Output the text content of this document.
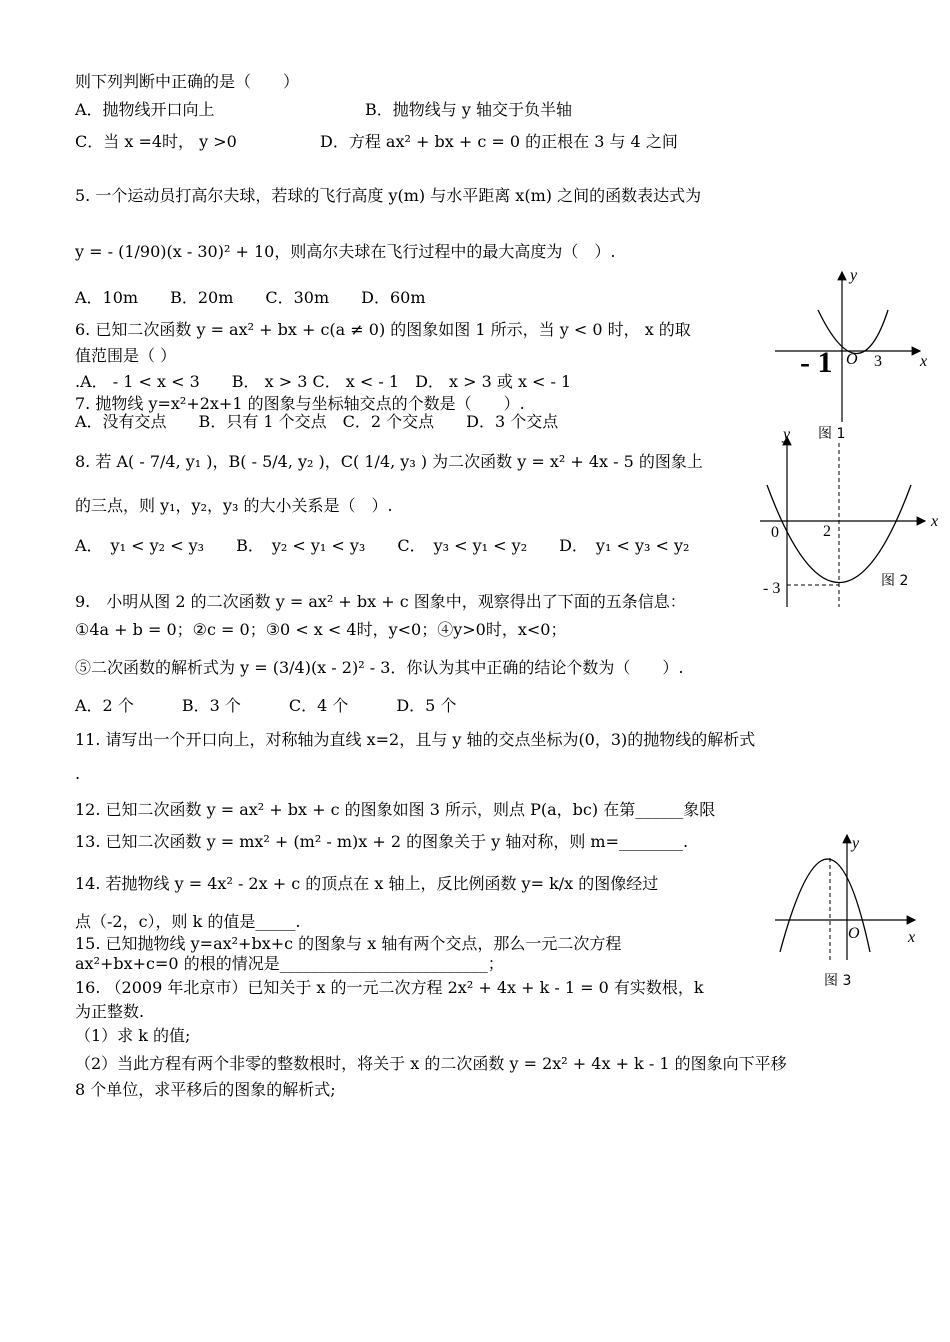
则下列判断中正确的是（　　）
A．抛物线开口向上	B．抛物线与 y 轴交于负半轴
C．当 x =4时， y >0	D．方程 ax² + bx + c = 0 的正根在 3 与 4 之间
5. 一个运动员打高尔夫球，若球的飞行高度 y(m) 与水平距离 x(m) 之间的函数表达式为
y = - (1/90)(x - 30)² + 10，则高尔夫球在飞行过程中的最大高度为（　）.
A．10m　　B．20m　　C．30m　　D．60m
6. 已知二次函数 y = ax² + bx + c(a ≠ 0) 的图象如图 1 所示，当 y < 0 时， x 的取
值范围是（ ）
.A． - 1 < x < 3　　B． x > 3 C． x < - 1　D． x > 3 或 x < - 1
7. 抛物线 y=x²+2x+1 的图象与坐标轴交点的个数是（　　）.
A．没有交点　　B．只有 1 个交点　C．2 个交点　　D．3 个交点
8. 若 A( - 7/4, y₁ )，B( - 5/4, y₂ )，C( 1/4, y₃ ) 为二次函数 y = x² + 4x - 5 的图象上
的三点，则 y₁，y₂，y₃ 的大小关系是（　）.
A．　y₁ < y₂ < y₃　　B．　y₂ < y₁ < y₃　　C．　y₃ < y₁ < y₂　　D．　y₁ < y₃ < y₂
9.　小明从图 2 的二次函数 y = ax² + bx + c 图象中，观察得出了下面的五条信息：
①4a + b = 0；②c = 0；③0 < x < 4时，y<0；④y>0时，x<0；
⑤二次函数的解析式为 y = (3/4)(x - 2)² - 3．你认为其中正确的结论个数为（　　）.
A．2 个　　　B．3 个　　　C．4 个　　　D．5 个
11. 请写出一个开口向上，对称轴为直线 x=2，且与 y 轴的交点坐标为(0，3)的抛物线的解析式
.
12. 已知二次函数 y = ax² + bx + c 的图象如图 3 所示，则点 P(a，bc) 在第______象限
13. 已知二次函数 y = mx² + (m² - m)x + 2 的图象关于 y 轴对称，则 m=________.
14. 若抛物线 y = 4x² - 2x + c 的顶点在 x 轴上，反比例函数 y= k/x 的图像经过
点（-2，c），则 k 的值是_____.
15. 已知抛物线 y=ax²+bx+c 的图象与 x 轴有两个交点，那么一元二次方程
ax²+bx+c=0 的根的情况是__________________________；
16. （2009 年北京市）已知关于 x 的一元二次方程 2x² + 4x + k - 1 = 0 有实数根，k
为正整数.
（1）求 k 的值;
（2）当此方程有两个非零的整数根时，将关于 x 的二次函数 y = 2x² + 4x + k - 1 的图象向下平移
8 个单位，求平移后的图象的解析式;
y
x
- 1 O 3
图 1
y
x
0	2
- 3	图 2
y
x
O
图 3
